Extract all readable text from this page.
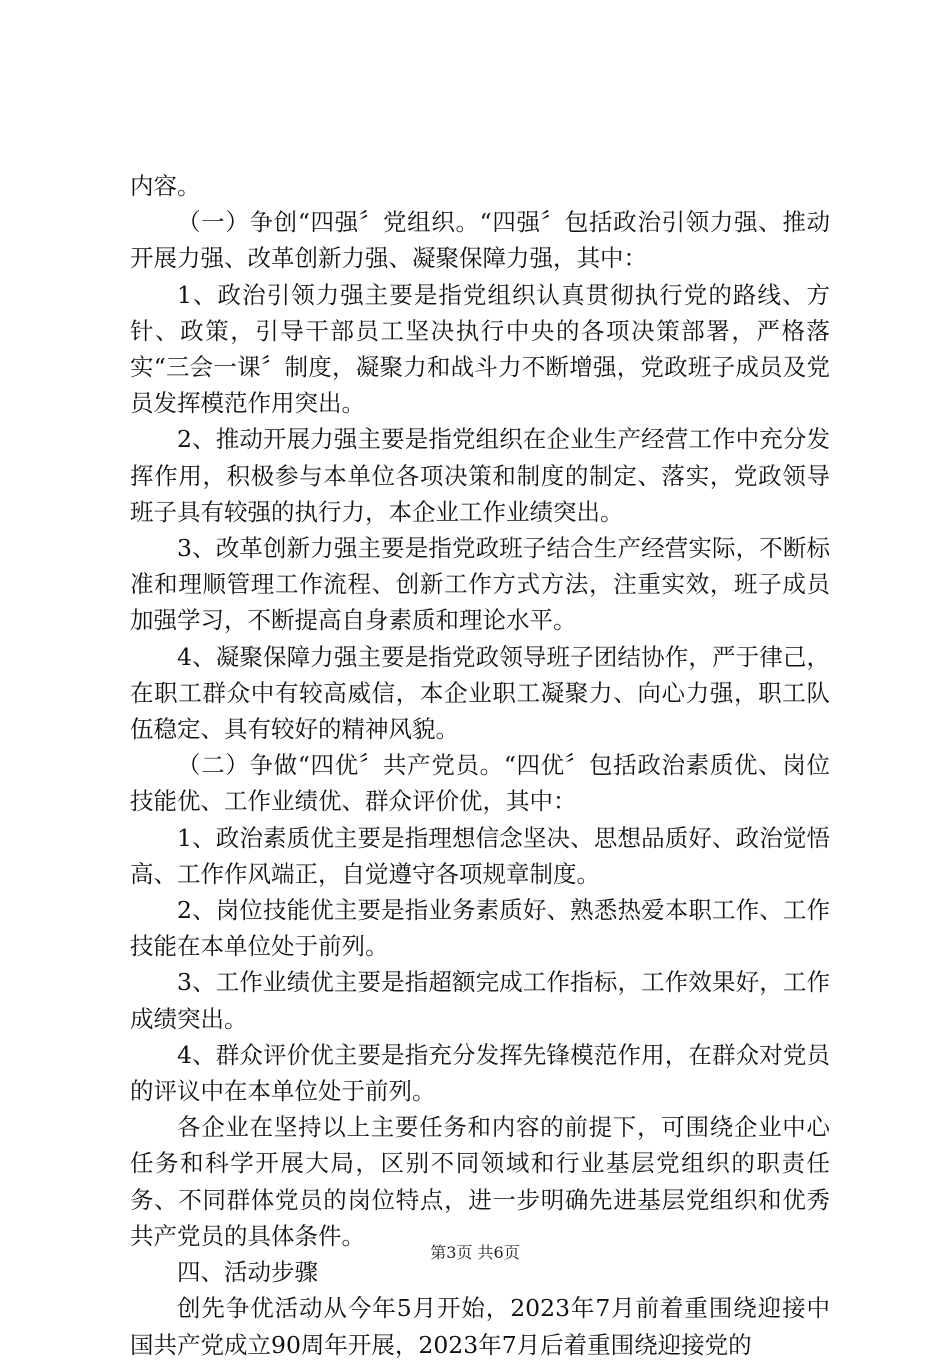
内容。

（一）争创“四强〞党组织。“四强〞包括政治引领力强、推动开展力强、改革创新力强、凝聚保障力强，其中：

1、政治引领力强主要是指党组织认真贯彻执行党的路线、方针、政策，引导干部员工坚决执行中央的各项决策部署，严格落实“三会一课〞制度，凝聚力和战斗力不断增强，党政班子成员及党员发挥模范作用突出。

2、推动开展力强主要是指党组织在企业生产经营工作中充分发挥作用，积极参与本单位各项决策和制度的制定、落实，党政领导班子具有较强的执行力，本企业工作业绩突出。

3、改革创新力强主要是指党政班子结合生产经营实际，不断标准和理顺管理工作流程、创新工作方式方法，注重实效，班子成员加强学习，不断提高自身素质和理论水平。

4、凝聚保障力强主要是指党政领导班子团结协作，严于律己，在职工群众中有较高威信，本企业职工凝聚力、向心力强，职工队伍稳定、具有较好的精神风貌。

（二）争做“四优〞共产党员。“四优〞包括政治素质优、岗位技能优、工作业绩优、群众评价优，其中：

1、政治素质优主要是指理想信念坚决、思想品质好、政治觉悟高、工作作风端正，自觉遵守各项规章制度。

2、岗位技能优主要是指业务素质好、熟悉热爱本职工作、工作技能在本单位处于前列。

3、工作业绩优主要是指超额完成工作指标，工作效果好，工作成绩突出。

4、群众评价优主要是指充分发挥先锋模范作用，在群众对党员的评议中在本单位处于前列。

各企业在坚持以上主要任务和内容的前提下，可围绕企业中心任务和科学开展大局，区别不同领域和行业基层党组织的职责任务、不同群体党员的岗位特点，进一步明确先进基层党组织和优秀共产党员的具体条件。

四、活动步骤

创先争优活动从今年5月开始，2023年7月前着重围绕迎接中国共产党成立90周年开展，2023年7月后着重围绕迎接党的

第3页 共6页
